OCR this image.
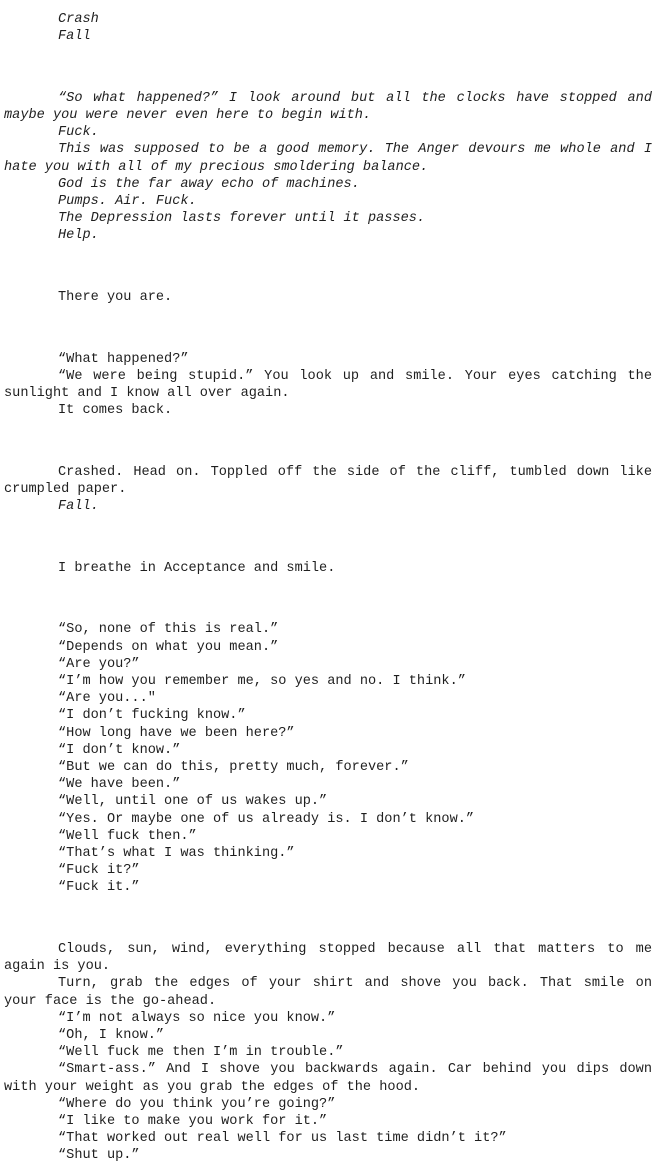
Crash

Fall

“So what happened?” I look around but all the clocks have stopped and maybe you were never even here to begin with.

Fuck.

This was supposed to be a good memory. The Anger devours me whole and I hate you with all of my precious smoldering balance.

God is the far away echo of machines.

Pumps. Air. Fuck.

The Depression lasts forever until it passes.

Help.

There you are.

“What happened?”

“We were being stupid.” You look up and smile. Your eyes catching the sunlight and I know all over again.

It comes back.

Crashed. Head on. Toppled off the side of the cliff, tumbled down like crumpled paper.

Fall.

I breathe in Acceptance and smile.

“So, none of this is real.”

“Depends on what you mean.”

“Are you?”

“I’m how you remember me, so yes and no. I think.”

“Are you..."

“I don’t fucking know.”

“How long have we been here?”

“I don’t know.”

“But we can do this, pretty much, forever.”

“We have been.”

“Well, until one of us wakes up.”

“Yes. Or maybe one of us already is. I don’t know.”

“Well fuck then.”

“That’s what I was thinking.”

“Fuck it?”

“Fuck it.”

Clouds, sun, wind, everything stopped because all that matters to me again is you.

Turn, grab the edges of your shirt and shove you back. That smile on your face is the go-ahead.

“I’m not always so nice you know.”

“Oh, I know.”

“Well fuck me then I’m in trouble.”

“Smart-ass.” And I shove you backwards again. Car behind you dips down with your weight as you grab the edges of the hood.

“Where do you think you’re going?”

“I like to make you work for it.”

“That worked out real well for us last time didn’t it?”

“Shut up.”
